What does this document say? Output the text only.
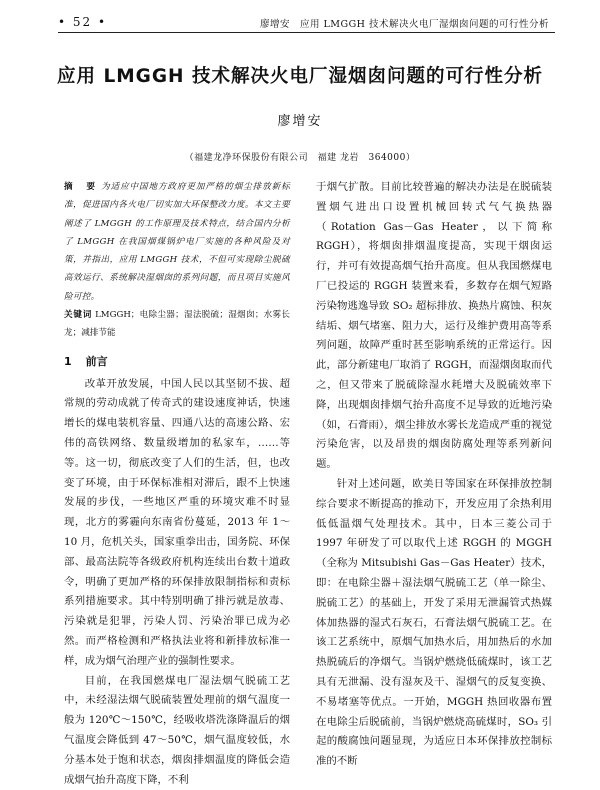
• 52 •	廖增安　应用 LMGGH 技术解决火电厂湿烟囱问题的可行性分析
应用 LMGGH 技术解决火电厂湿烟囱问题的可行性分析
廖增安
（福建龙净环保股份有限公司　福建 龙岩　364000）
摘　要 为适应中国地方政府更加严格的烟尘排放新标准，促进国内各火电厂切实加大环保整改力度。本文主要阐述了 LMGGH 的工作原理及技术特点，结合国内分析了 LMGGH 在我国烟煤锅炉电厂实施的各种风险及对策，并指出，应用 LMGGH 技术，不但可实现除尘脱硫高效运行、系统解决湿烟囱的系列问题，而且项目实施风险可控。
关键词 LMGGH；电除尘器；湿法脱硫；湿烟囱；水雾长龙；减排节能
1 前言

改革开放发展，中国人民以其坚韧不拔、超常规的劳动成就了传奇式的建设速度神话，快速增长的煤电装机容量、四通八达的高速公路、宏伟的高铁网络、数量级增加的私家车，……等等。这一切，彻底改变了人们的生活，但，也改变了环境，由于环保标准相对滞后，跟不上快速发展的步伐，一些地区严重的环境灾难不时显现，北方的雾霾向东南省份蔓延，2013 年 1～10 月，危机关头，国家重拳出击，国务院、环保部、最高法院等各级政府机构连续出台数十道政令，明确了更加严格的环保排放限制指标和责标系列措施要求。其中特别明确了排污就是放毒、污染就是犯罪，污染人罚、污染治罪已成为必然。而严格检测和严格执法业将和新排放标准一样，成为烟气治理产业的强制性要求。

目前，在我国燃煤电厂湿法烟气脱硫工艺中，未经湿法烟气脱硫装置处理前的烟气温度一般为 120℃～150℃，经吸收塔洗涤降温后的烟气温度会降低到 47～50℃，烟气温度较低，水分基本处于饱和状态，烟囱排烟温度的降低会造成烟气抬升高度下降，不利

于烟气扩散。目前比较普遍的解决办法是在脱硫装置烟气进出口设置机械回转式气气换热器（Rotation Gas－Gas Heater，以下简称 RGGH），将烟囱排烟温度提高，实现干烟囱运行，并可有效提高烟气抬升高度。但从我国燃煤电厂已投运的 RGGH 装置来看，多数存在烟气短路污染物逃逸导致 SO₂ 超标排放、换热片腐蚀、积灰结垢、烟气堵塞、阻力大，运行及维护费用高等系列问题，故障严重时甚至影响系统的正常运行。因此，部分新建电厂取消了 RGGH，而湿烟囱取而代之，但又带来了脱硫除湿水耗增大及脱硫效率下降，出现烟囱排烟气抬升高度不足导致的近地污染（如，石膏雨），烟尘排放水雾长龙造成严重的视觉污染危害，以及昂贵的烟囱防腐处理等系列新问题。

针对上述问题，欧美日等国家在环保排放控制综合要求不断提高的推动下，开发应用了余热利用低低温烟气处理技术。其中，日本三菱公司于 1997 年研发了可以取代上述 RGGH 的 MGGH（全称为 Mitsubishi Gas－Gas Heater）技术，即：在电除尘器＋湿法烟气脱硫工艺（单一除尘、脱硫工艺）的基础上，开发了采用无泄漏管式热媒体加热器的湿式石灰石，石膏法烟气脱硫工艺。在该工艺系统中，原烟气加热水后，用加热后的水加热脱硫后的净烟气。当锅炉燃烧低硫煤时，该工艺具有无泄漏、没有湿灰及干、湿烟气的反复变换、不易堵塞等优点。一开始，MGGH 热回收器布置在电除尘后脱硫前，当锅炉燃烧高硫煤时，SO₃ 引起的酸腐蚀问题显现，为适应日本环保排放控制标准的不断
